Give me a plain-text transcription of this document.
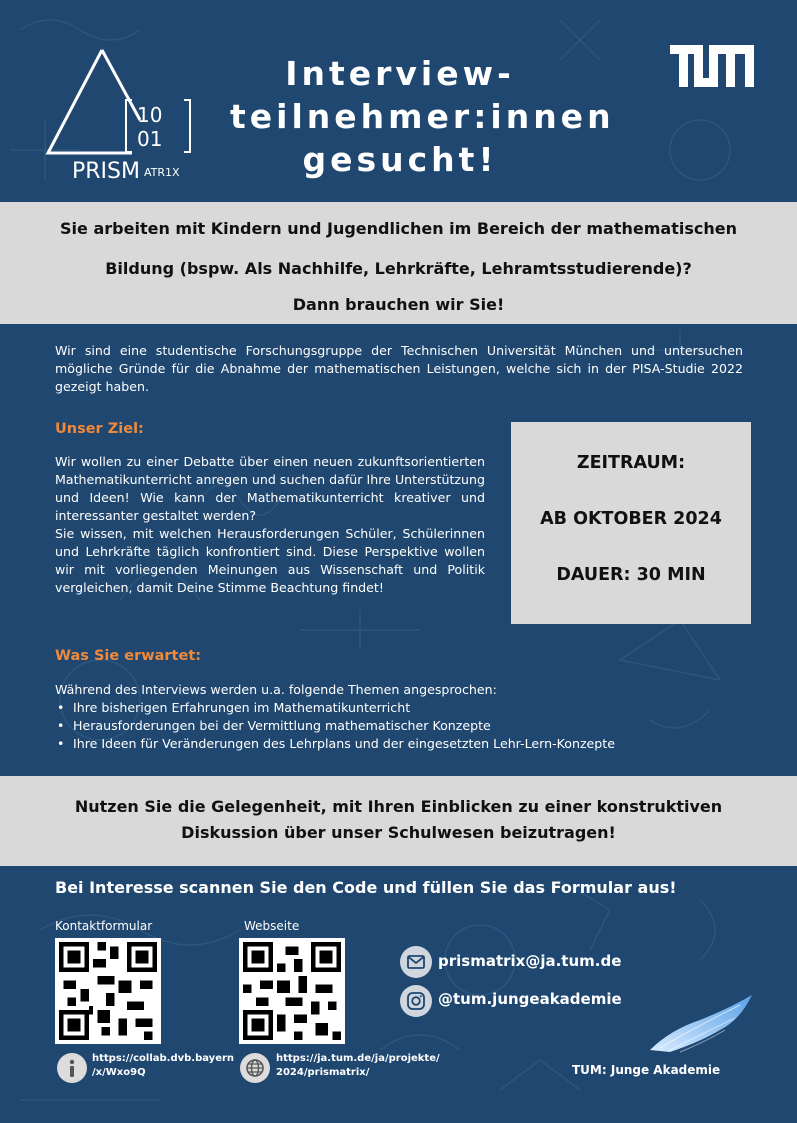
10
01
PRISM ATR1X
Interview-
teilnehmer:innen
gesucht!
Sie arbeiten mit Kindern und Jugendlichen im Bereich der mathematischen
Bildung (bspw. Als Nachhilfe, Lehrkräfte, Lehramtsstudierende)?
Dann brauchen wir Sie!
Wir sind eine studentische Forschungsgruppe der Technischen Universität München und untersuchen mögliche Gründe für die Abnahme der mathematischen Leistungen, welche sich in der PISA-Studie 2022 gezeigt haben.
Unser Ziel:

Wir wollen zu einer Debatte über einen neuen zukunftsorientierten Mathematikunterricht anregen und suchen dafür Ihre Unterstützung und Ideen! Wie kann der Mathematikunterricht kreativer und interessanter gestaltet werden?

Sie wissen, mit welchen Herausforderungen Schüler, Schülerinnen und Lehrkräfte täglich konfrontiert sind. Diese Perspektive wollen wir mit vorliegenden Meinungen aus Wissenschaft und Politik vergleichen, damit Deine Stimme Beachtung findet!

ZEITRAUM:
AB OKTOBER 2024
DAUER: 30 MIN
Was Sie erwartet:
Während des Interviews werden u.a. folgende Themen angesprochen:
• Ihre bisherigen Erfahrungen im Mathematikunterricht
• Herausforderungen bei der Vermittlung mathematischer Konzepte
• Ihre Ideen für Veränderungen des Lehrplans und der eingesetzten Lehr-Lern-Konzepte
Nutzen Sie die Gelegenheit, mit Ihren Einblicken zu einer konstruktiven
Diskussion über unser Schulwesen beizutragen!
Bei Interesse scannen Sie den Code und füllen Sie das Formular aus!
Kontaktformular	Webseite
https://collab.dvb.bayern
/x/Wxo9Q
https://ja.tum.de/ja/projekte/
2024/prismatrix/
prismatrix@ja.tum.de
@tum.jungeakademie
TUM: Junge Akademie
